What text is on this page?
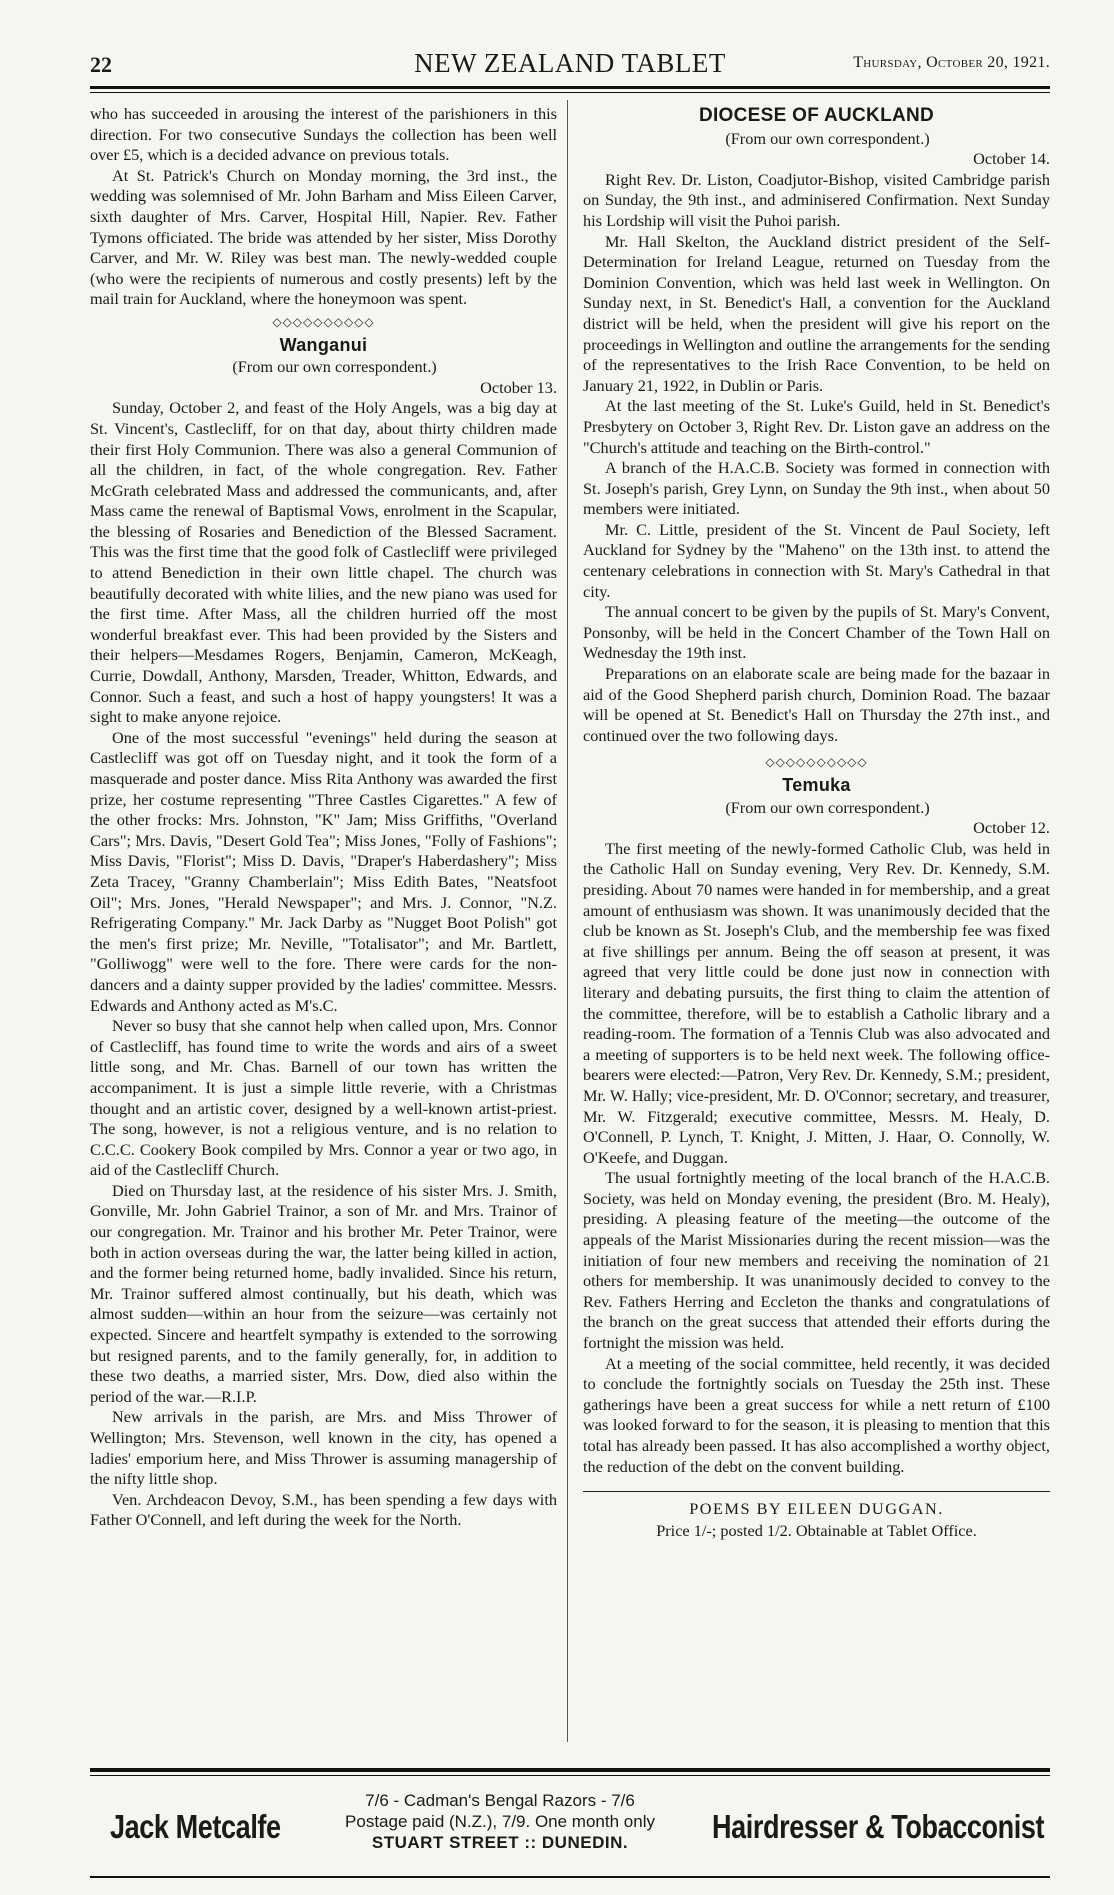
22	NEW ZEALAND TABLET	Thursday, October 20, 1921.

who has succeeded in arousing the interest of the parishioners in this direction. For two consecutive Sundays the collection has been well over £5, which is a decided advance on previous totals.

At St. Patrick's Church on Monday morning, the 3rd inst., the wedding was solemnised of Mr. John Barham and Miss Eileen Carver, sixth daughter of Mrs. Carver, Hospital Hill, Napier. Rev. Father Tymons officiated. The bride was attended by her sister, Miss Dorothy Carver, and Mr. W. Riley was best man. The newly-wedded couple (who were the recipients of numerous and costly presents) left by the mail train for Auckland, where the honeymoon was spent.

◇◇◇◇◇◇◇◇◇◇
Wanganui

(From our own correspondent.)

October 13.

Sunday, October 2, and feast of the Holy Angels, was a big day at St. Vincent's, Castlecliff, for on that day, about thirty children made their first Holy Communion. There was also a general Communion of all the children, in fact, of the whole congregation. Rev. Father McGrath celebrated Mass and addressed the communicants, and, after Mass came the renewal of Baptismal Vows, enrolment in the Scapular, the blessing of Rosaries and Benediction of the Blessed Sacrament. This was the first time that the good folk of Castlecliff were privileged to attend Benediction in their own little chapel. The church was beautifully decorated with white lilies, and the new piano was used for the first time. After Mass, all the children hurried off the most wonderful breakfast ever. This had been provided by the Sisters and their helpers—Mesdames Rogers, Benjamin, Cameron, McKeagh, Currie, Dowdall, Anthony, Marsden, Treader, Whitton, Edwards, and Connor. Such a feast, and such a host of happy youngsters! It was a sight to make anyone rejoice.

One of the most successful "evenings" held during the season at Castlecliff was got off on Tuesday night, and it took the form of a masquerade and poster dance. Miss Rita Anthony was awarded the first prize, her costume representing "Three Castles Cigarettes." A few of the other frocks: Mrs. Johnston, "K" Jam; Miss Griffiths, "Overland Cars"; Mrs. Davis, "Desert Gold Tea"; Miss Jones, "Folly of Fashions"; Miss Davis, "Florist"; Miss D. Davis, "Draper's Haberdashery"; Miss Zeta Tracey, "Granny Chamberlain"; Miss Edith Bates, "Neatsfoot Oil"; Mrs. Jones, "Herald Newspaper"; and Mrs. J. Connor, "N.Z. Refrigerating Company." Mr. Jack Darby as "Nugget Boot Polish" got the men's first prize; Mr. Neville, "Totalisator"; and Mr. Bartlett, "Golliwogg" were well to the fore. There were cards for the non-dancers and a dainty supper provided by the ladies' committee. Messrs. Edwards and Anthony acted as M's.C.

Never so busy that she cannot help when called upon, Mrs. Connor of Castlecliff, has found time to write the words and airs of a sweet little song, and Mr. Chas. Barnell of our town has written the accompaniment. It is just a simple little reverie, with a Christmas thought and an artistic cover, designed by a well-known artist-priest. The song, however, is not a religious venture, and is no relation to C.C.C. Cookery Book compiled by Mrs. Connor a year or two ago, in aid of the Castlecliff Church.

Died on Thursday last, at the residence of his sister Mrs. J. Smith, Gonville, Mr. John Gabriel Trainor, a son of Mr. and Mrs. Trainor of our congregation. Mr. Trainor and his brother Mr. Peter Trainor, were both in action overseas during the war, the latter being killed in action, and the former being returned home, badly invalided. Since his return, Mr. Trainor suffered almost continually, but his death, which was almost sudden—within an hour from the seizure—was certainly not expected. Sincere and heartfelt sympathy is extended to the sorrowing but resigned parents, and to the family generally, for, in addition to these two deaths, a married sister, Mrs. Dow, died also within the period of the war.—R.I.P.

New arrivals in the parish, are Mrs. and Miss Thrower of Wellington; Mrs. Stevenson, well known in the city, has opened a ladies' emporium here, and Miss Thrower is assuming managership of the nifty little shop.

Ven. Archdeacon Devoy, S.M., has been spending a few days with Father O'Connell, and left during the week for the North.

DIOCESE OF AUCKLAND

(From our own correspondent.)

October 14.

Right Rev. Dr. Liston, Coadjutor-Bishop, visited Cambridge parish on Sunday, the 9th inst., and adminisered Confirmation. Next Sunday his Lordship will visit the Puhoi parish.

Mr. Hall Skelton, the Auckland district president of the Self-Determination for Ireland League, returned on Tuesday from the Dominion Convention, which was held last week in Wellington. On Sunday next, in St. Benedict's Hall, a convention for the Auckland district will be held, when the president will give his report on the proceedings in Wellington and outline the arrangements for the sending of the representatives to the Irish Race Convention, to be held on January 21, 1922, in Dublin or Paris.

At the last meeting of the St. Luke's Guild, held in St. Benedict's Presbytery on October 3, Right Rev. Dr. Liston gave an address on the "Church's attitude and teaching on the Birth-control."

A branch of the H.A.C.B. Society was formed in connection with St. Joseph's parish, Grey Lynn, on Sunday the 9th inst., when about 50 members were initiated.

Mr. C. Little, president of the St. Vincent de Paul Society, left Auckland for Sydney by the "Maheno" on the 13th inst. to attend the centenary celebrations in connection with St. Mary's Cathedral in that city.

The annual concert to be given by the pupils of St. Mary's Convent, Ponsonby, will be held in the Concert Chamber of the Town Hall on Wednesday the 19th inst.

Preparations on an elaborate scale are being made for the bazaar in aid of the Good Shepherd parish church, Dominion Road. The bazaar will be opened at St. Benedict's Hall on Thursday the 27th inst., and continued over the two following days.

◇◇◇◇◇◇◇◇◇◇
Temuka

(From our own correspondent.)

October 12.

The first meeting of the newly-formed Catholic Club, was held in the Catholic Hall on Sunday evening, Very Rev. Dr. Kennedy, S.M. presiding. About 70 names were handed in for membership, and a great amount of enthusiasm was shown. It was unanimously decided that the club be known as St. Joseph's Club, and the membership fee was fixed at five shillings per annum. Being the off season at present, it was agreed that very little could be done just now in connection with literary and debating pursuits, the first thing to claim the attention of the committee, therefore, will be to establish a Catholic library and a reading-room. The formation of a Tennis Club was also advocated and a meeting of supporters is to be held next week. The following office-bearers were elected:—Patron, Very Rev. Dr. Kennedy, S.M.; president, Mr. W. Hally; vice-president, Mr. D. O'Connor; secretary, and treasurer, Mr. W. Fitzgerald; executive committee, Messrs. M. Healy, D. O'Connell, P. Lynch, T. Knight, J. Mitten, J. Haar, O. Connolly, W. O'Keefe, and Duggan.

The usual fortnightly meeting of the local branch of the H.A.C.B. Society, was held on Monday evening, the president (Bro. M. Healy), presiding. A pleasing feature of the meeting—the outcome of the appeals of the Marist Missionaries during the recent mission—was the initiation of four new members and receiving the nomination of 21 others for membership. It was unanimously decided to convey to the Rev. Fathers Herring and Eccleton the thanks and congratulations of the branch on the great success that attended their efforts during the fortnight the mission was held.

At a meeting of the social committee, held recently, it was decided to conclude the fortnightly socials on Tuesday the 25th inst. These gatherings have been a great success for while a nett return of £100 was looked forward to for the season, it is pleasing to mention that this total has already been passed. It has also accomplished a worthy object, the reduction of the debt on the convent building.

POEMS BY EILEEN DUGGAN.
Price 1/-; posted 1/2. Obtainable at Tablet Office.
Jack Metcalfe
7/6 - Cadman's Bengal Razors - 7/6
Postage paid (N.Z.), 7/9. One month only
STUART STREET :: DUNEDIN.	Hairdresser & Tobacconist
